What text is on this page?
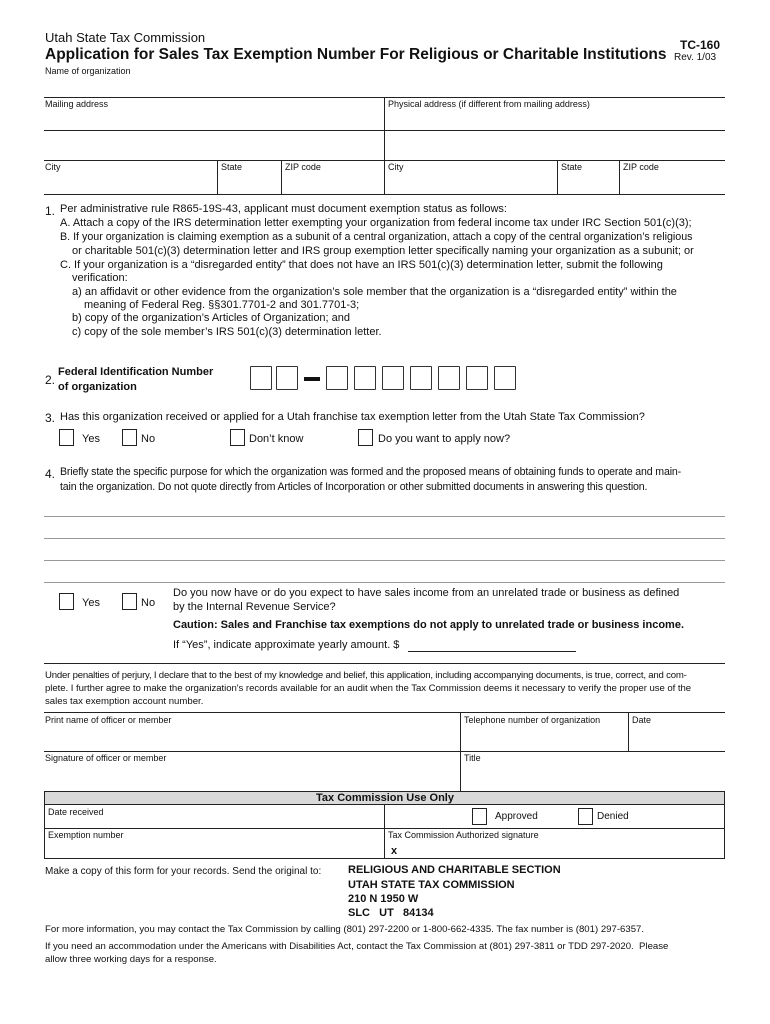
Utah State Tax Commission
Application for Sales Tax Exemption Number For Religious or Charitable Institutions
TC-160
Rev. 1/03
Name of organization
Mailing address	Physical address (if different from mailing address)
City	State	ZIP code	City	State	ZIP code
1. Per administrative rule R865-19S-43, applicant must document exemption status as follows:
A. Attach a copy of the IRS determination letter exempting your organization from federal income tax under IRC Section 501(c)(3);
B. If your organization is claiming exemption as a subunit of a central organization, attach a copy of the central organization’s religious
or charitable 501(c)(3) determination letter and IRS group exemption letter specifically naming your organization as a subunit; or
C. If your organization is a “disregarded entity” that does not have an IRS 501(c)(3) determination letter, submit the following
verification:
a) an affidavit or other evidence from the organization’s sole member that the organization is a “disregarded entity” within the
meaning of Federal Reg. §§301.7701-2 and 301.7701-3;
b) copy of the organization’s Articles of Organization; and
c) copy of the sole member’s IRS 501(c)(3) determination letter.
2.
Federal Identification Number
of organization
3. Has this organization received or applied for a Utah franchise tax exemption letter from the Utah State Tax Commission?
Yes	No	Don’t know	Do you want to apply now?
4. Briefly state the specific purpose for which the organization was formed and the proposed means of obtaining funds to operate and main-
tain the organization. Do not quote directly from Articles of Incorporation or other submitted documents in answering this question.
Yes	No
Do you now have or do you expect to have sales income from an unrelated trade or business as defined
by the Internal Revenue Service?
Caution: Sales and Franchise tax exemptions do not apply to unrelated trade or business income.
If “Yes”, indicate approximate yearly amount. $
Under penalties of perjury, I declare that to the best of my knowledge and belief, this application, including accompanying documents, is true, correct, and com-
plete. I further agree to make the organization's records available for an audit when the Tax Commission deems it necessary to verify the proper use of the
sales tax exemption account number.
Print name of officer or member	Telephone number of organization	Date
Signature of officer or member	Title
Tax Commission Use Only
Date received	Approved	Denied
Exemption number	Tax Commission Authorized signature
x
Make a copy of this form for your records. Send the original to: RELIGIOUS AND CHARITABLE SECTION
UTAH STATE TAX COMMISSION
210 N 1950 W
SLC   UT   84134
For more information, you may contact the Tax Commission by calling (801) 297-2200 or 1-800-662-4335. The fax number is (801) 297-6357.
If you need an accommodation under the Americans with Disabilities Act, contact the Tax Commission at (801) 297-3811 or TDD 297-2020.  Please
allow three working days for a response.
